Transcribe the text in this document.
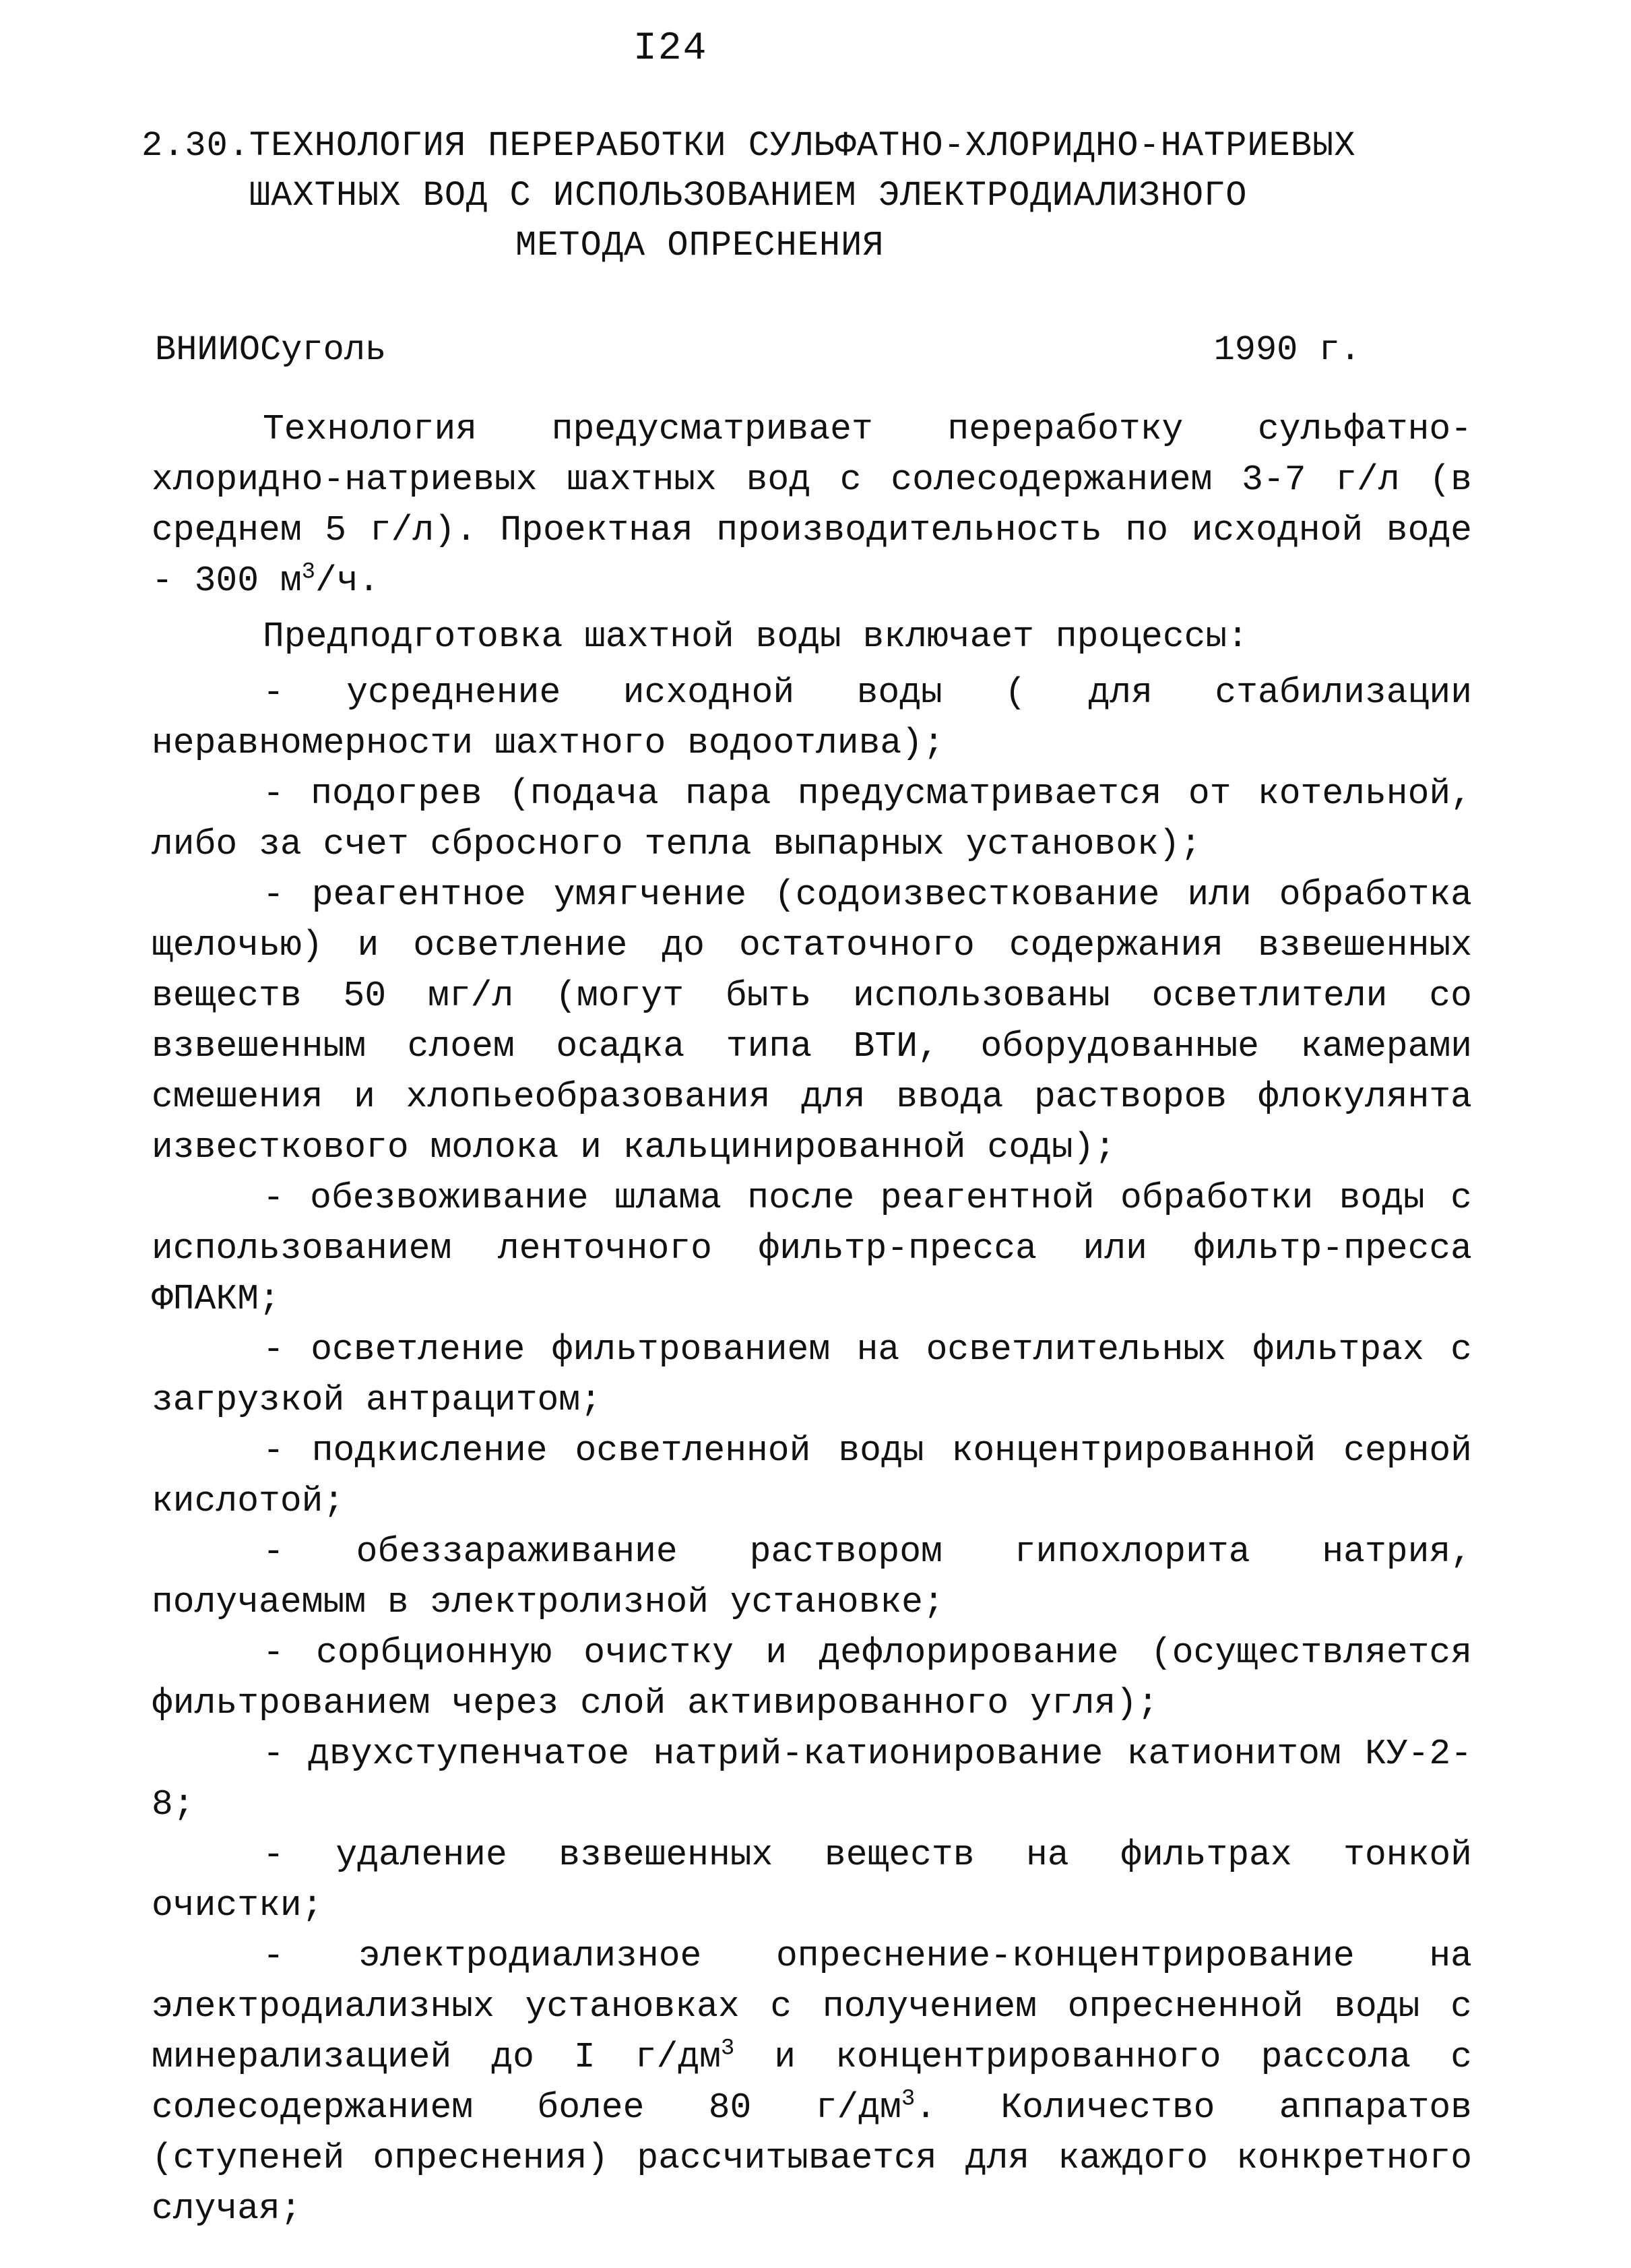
I24
2.30.ТЕХНОЛОГИЯ ПЕРЕРАБОТКИ СУЛЬФАТНО-ХЛОРИДНО-НАТРИЕВЫХ
ШАХТНЫХ ВОД С ИСПОЛЬЗОВАНИЕМ ЭЛЕКТРОДИАЛИЗНОГО
МЕТОДА ОПРЕСНЕНИЯ
ВНИИОСуголь	1990 г.

Технология предусматривает переработку сульфатно-хлоридно-натриевых шахтных вод с солесодержанием 3-7 г/л (в среднем 5 г/л). Проектная производительность по исходной воде - 300 $м^3/ч$.

Предподготовка шахтной воды включает процессы:

- усреднение исходной воды ( для стабилизации неравномерности шахтного водоотлива);
- подогрев (подача пара предусматривается от котельной, либо за счет сбросного тепла выпарных установок);
- реагентное умягчение (содоизвесткование или обработка щелочью) и осветление до остаточного содержания взвешенных веществ 50 мг/л (могут быть использованы осветлители со взвешенным слоем осадка типа ВТИ, оборудованные камерами смешения и хлопьеобразования для ввода растворов флокулянта известкового молока и кальцинированной соды);
- обезвоживание шлама после реагентной обработки воды с использованием ленточного фильтр-пресса или фильтр-пресса ФПАКМ;
- осветление фильтрованием на осветлительных фильтрах с загрузкой антрацитом;
- подкисление осветленной воды концентрированной серной кислотой;
- обеззараживание раствором гипохлорита натрия, получаемым в электролизной установке;
- сорбционную очистку и дефлорирование (осуществляется фильтрованием через слой активированного угля);
- двухступенчатое натрий-катионирование катионитом КУ-2-8;
- удаление взвешенных веществ на фильтрах тонкой очистки;
- электродиализное опреснение-концентрирование на электродиализных установках с получением опресненной воды с минерализацией до I $г/дм^3$ и концентрированного рассола с солесодержанием более 80 $г/дм^3$. Количество аппаратов (ступеней опреснения) рассчитывается для каждого конкретного случая;
